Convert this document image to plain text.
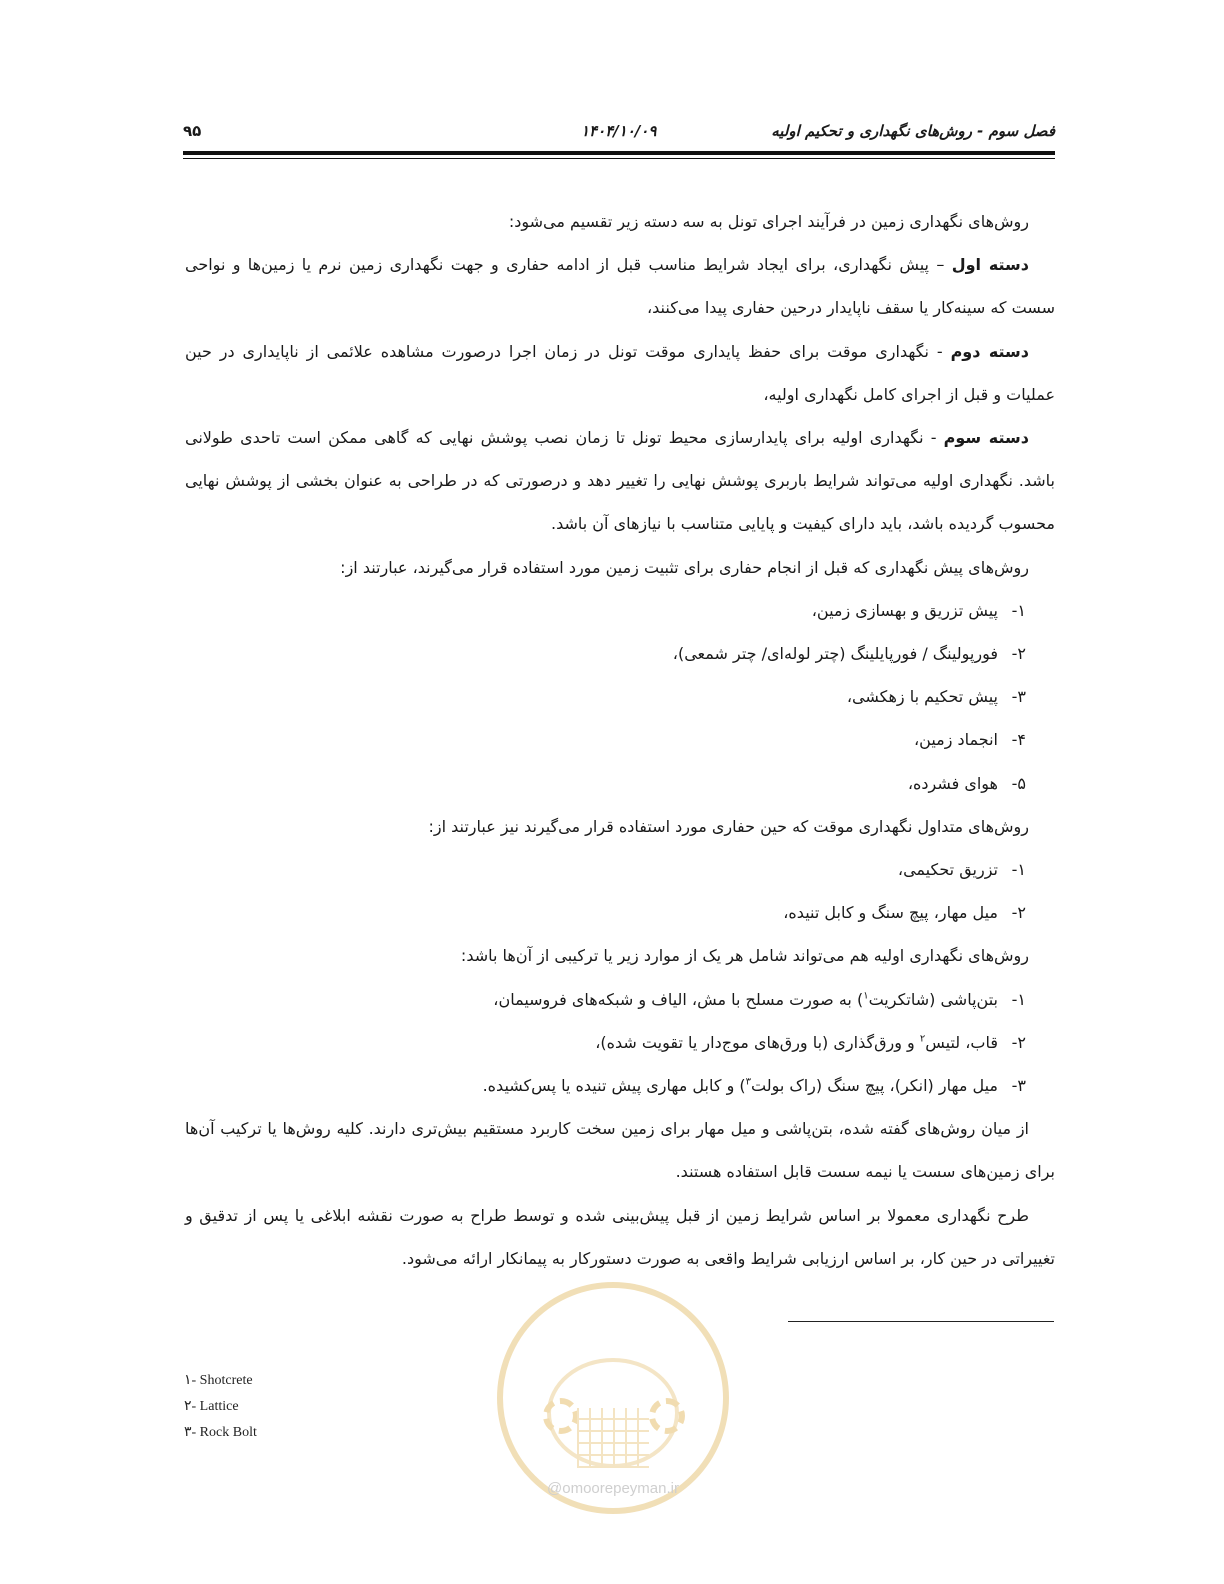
فصل سوم - روش‌های نگهداری و تحکیم اولیه
۱۴۰۴/۱۰/۰۹
۹۵

روش‌های نگهداری زمین در فرآیند اجرای تونل به سه دسته زیر تقسیم می‌شود:

دسته اول – پیش نگهداری، برای ایجاد شرایط مناسب قبل از ادامه حفاری و جهت نگهداری زمین نرم یا زمین‌ها و نواحی سست که سینه‌کار یا سقف ناپایدار درحین حفاری پیدا می‌کنند،

دسته دوم - نگهداری موقت برای حفظ پایداری موقت تونل در زمان اجرا درصورت مشاهده علائمی از ناپایداری در حین عملیات و قبل از اجرای کامل نگهداری اولیه،

دسته سوم - نگهداری اولیه برای پایدارسازی محیط تونل تا زمان نصب پوشش نهایی که گاهی ممکن است تاحدی طولانی باشد. نگهداری اولیه می‌تواند شرایط باربری پوشش نهایی را تغییر دهد و درصورتی که در طراحی به عنوان بخشی از پوشش نهایی محسوب گردیده باشد، باید دارای کیفیت و پایایی متناسب با نیازهای آن باشد.

روش‌های پیش نگهداری که قبل از انجام حفاری برای تثبیت زمین مورد استفاده قرار می‌گیرند، عبارتند از:

۱-پیش تزریق و بهسازی زمین،

۲-فورپولینگ / فورپایلینگ (چتر لوله‌ای/ چتر شمعی)،

۳-پیش تحکیم با زهکشی،

۴-انجماد زمین،

۵-هوای فشرده،

روش‌های متداول نگهداری موقت که حین حفاری مورد استفاده قرار می‌گیرند نیز عبارتند از:

۱-تزریق تحکیمی،

۲-میل مهار، پیچ سنگ و کابل تنیده،

روش‌های نگهداری اولیه هم می‌تواند شامل هر یک از موارد زیر یا ترکیبی از آن‌ها باشد:

۱-بتن‌پاشی (شاتکریت$^۱$) به صورت مسلح با مش، الیاف و شبکه‌های فروسیمان،

۲-قاب، لتیس$^۲$ و ورق‌گذاری (با ورق‌های موج‌دار یا تقویت شده)،

۳-میل مهار (انکر)، پیچ سنگ (راک بولت$^۳$) و کابل مهاری پیش تنیده یا پس‌کشیده.

از میان روش‌های گفته شده، بتن‌پاشی و میل مهار برای زمین سخت کاربرد مستقیم بیش‌تری دارند. کلیه روش‌ها یا ترکیب آن‌ها برای زمین‌های سست یا نیمه سست قابل استفاده هستند.

طرح نگهداری معمولا بر اساس شرایط زمین از قبل پیش‌بینی شده و توسط طراح به صورت نقشه ابلاغی یا پس از تدقیق و تغییراتی در حین کار، بر اساس ارزیابی شرایط واقعی به صورت دستورکار به پیمانکار ارائه می‌شود.

@omoorepeyman.ir
۱- Shotcrete
۲- Lattice
۳- Rock Bolt
